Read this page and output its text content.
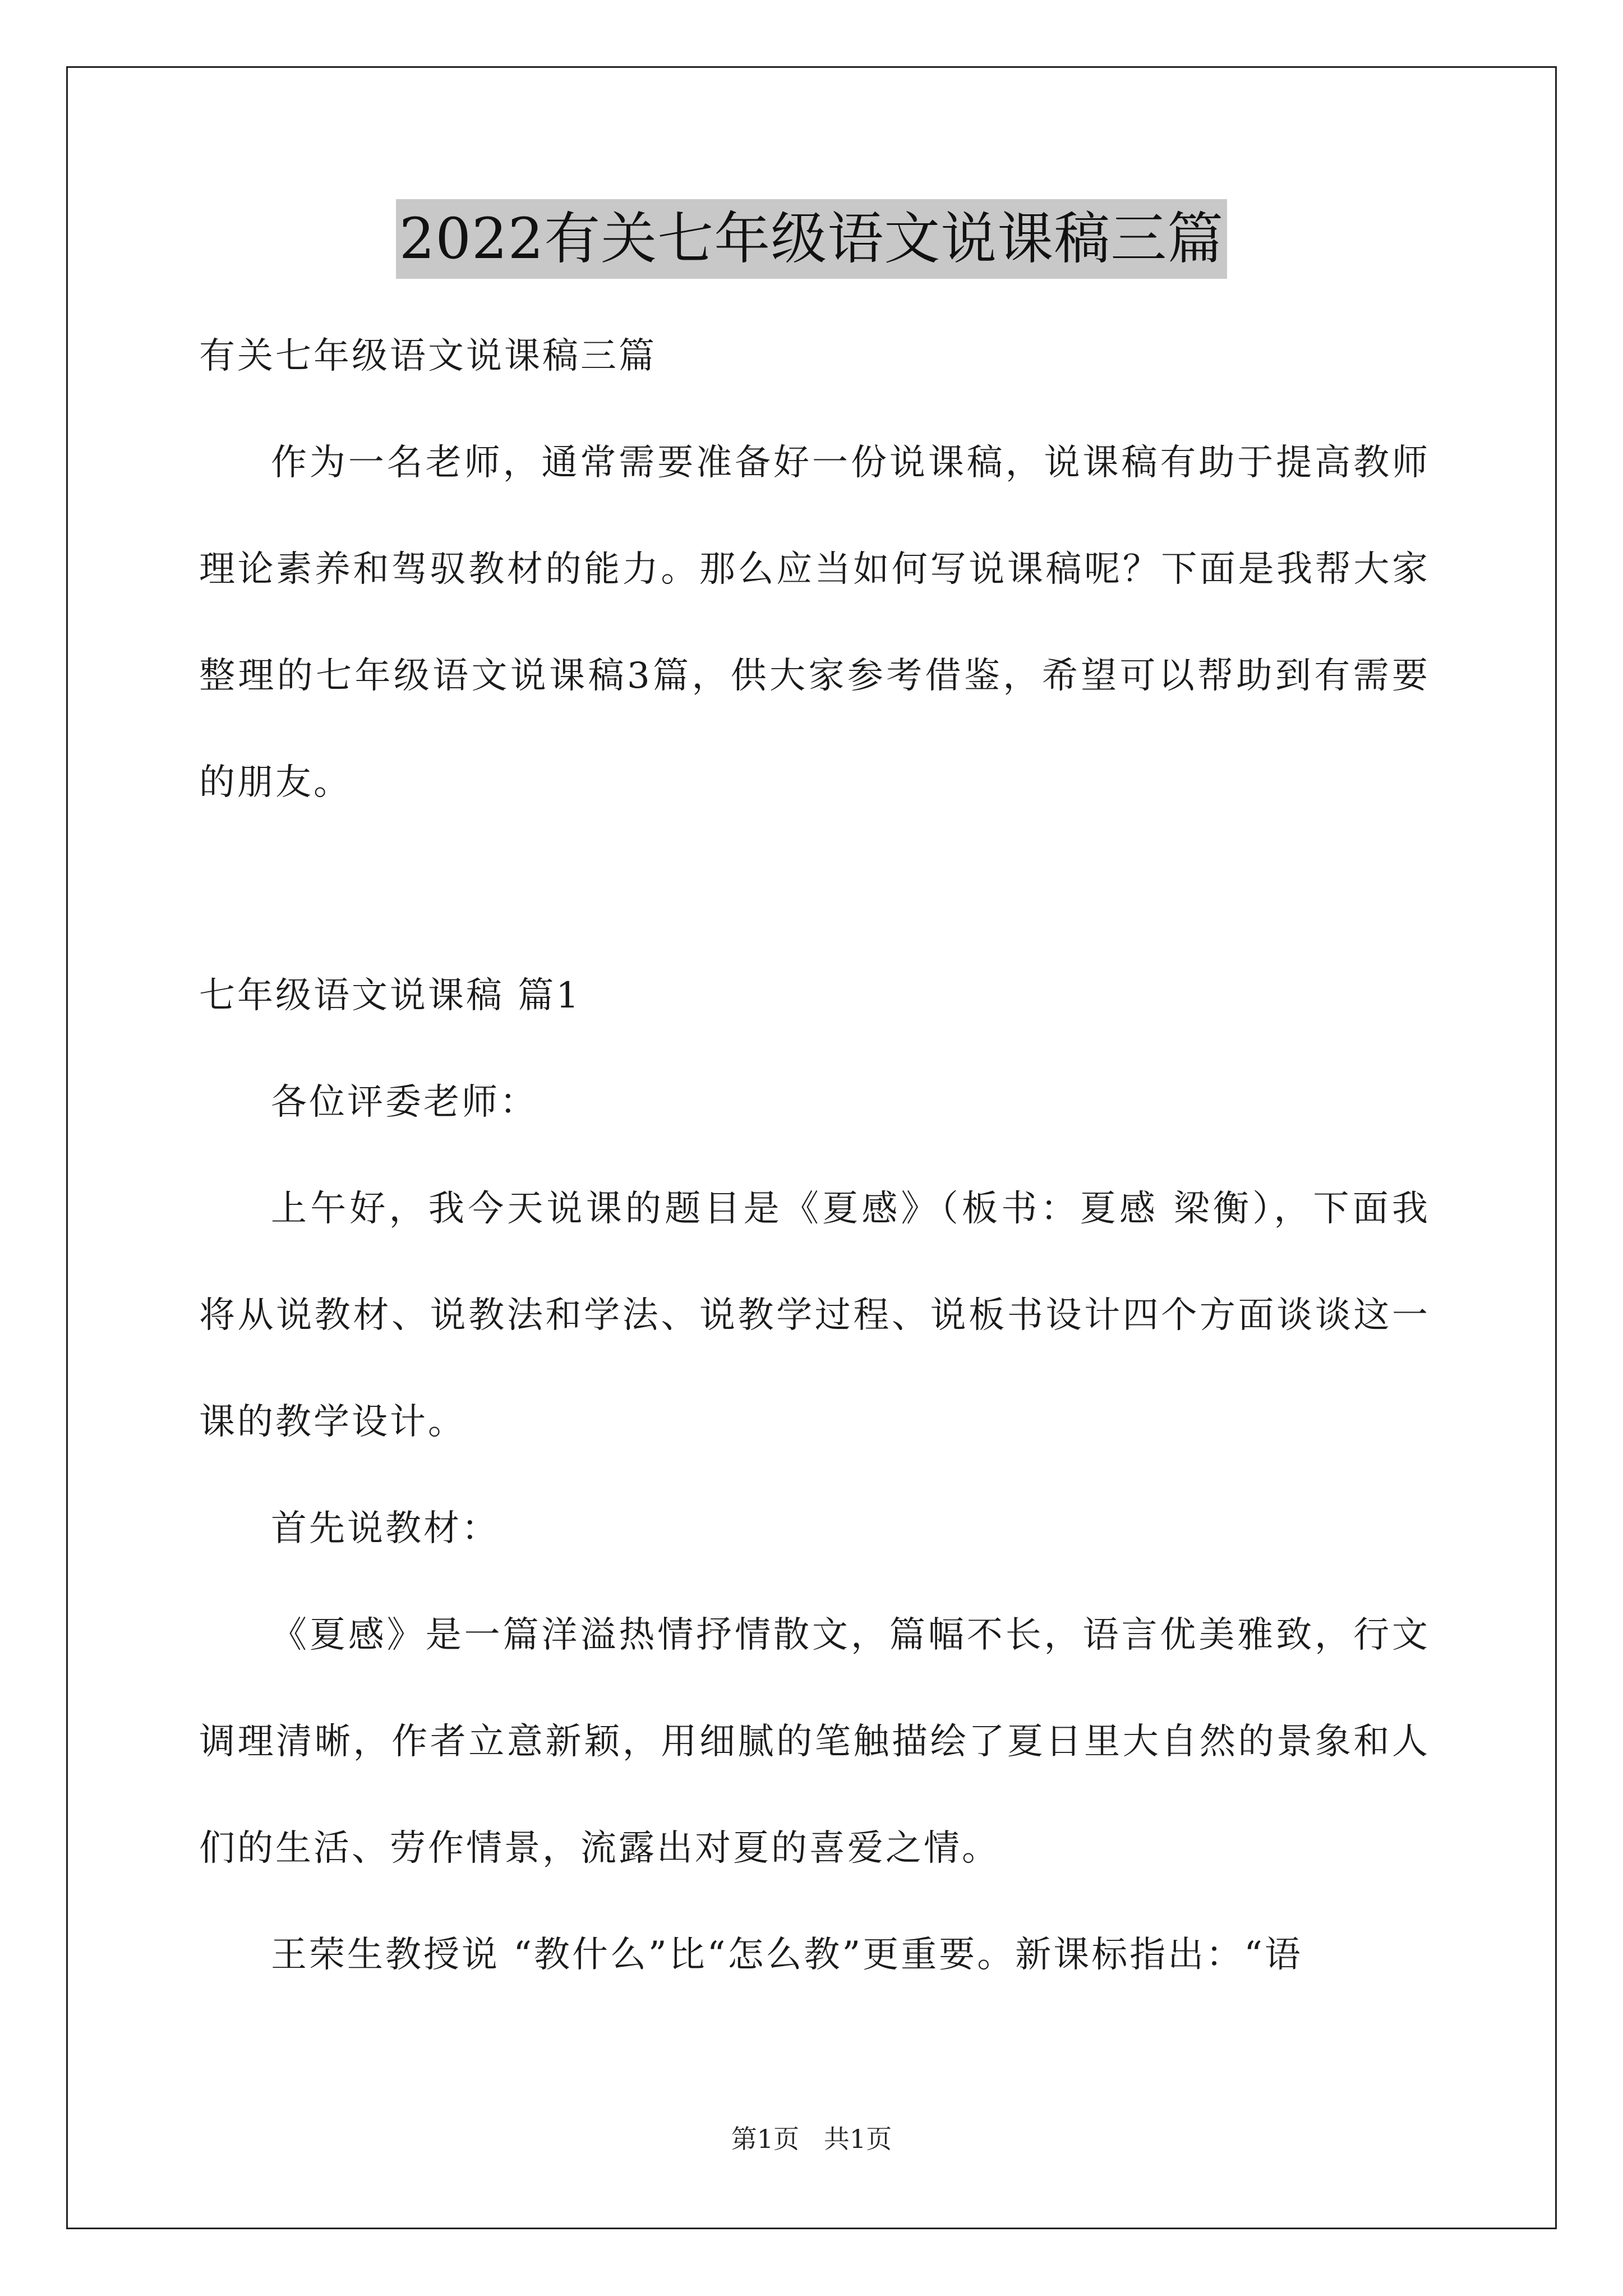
2022有关七年级语文说课稿三篇

有关七年级语文说课稿三篇

作为一名老师，通常需要准备好一份说课稿，说课稿有助于提高教师理论素养和驾驭教材的能力。那么应当如何写说课稿呢？下面是我帮大家整理的七年级语文说课稿3篇，供大家参考借鉴，希望可以帮助到有需要的朋友。

七年级语文说课稿 篇1

各位评委老师：

上午好，我今天说课的题目是《夏感》（板书：夏感 梁衡），下面我将从说教材、说教法和学法、说教学过程、说板书设计四个方面谈谈这一课的教学设计。

首先说教材：

《夏感》是一篇洋溢热情抒情散文，篇幅不长，语言优美雅致，行文调理清晰，作者立意新颖，用细腻的笔触描绘了夏日里大自然的景象和人们的生活、劳作情景，流露出对夏的喜爱之情。

王荣生教授说 “教什么”比“怎么教”更重要。新课标指出：“语

第1页   共1页
